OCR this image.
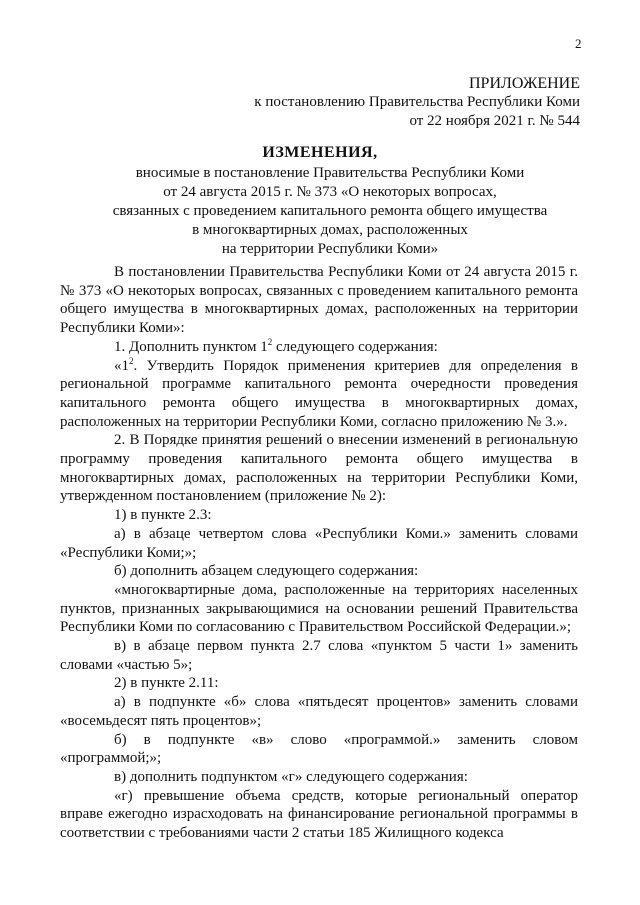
2
ПРИЛОЖЕНИЕ
к постановлению Правительства Республики Коми
от 22 ноября 2021 г. № 544
ИЗМЕНЕНИЯ,
вносимые в постановление Правительства Республики Коми
от 24 августа 2015 г. № 373 «О некоторых вопросах,
связанных с проведением капитального ремонта общего имущества
в многоквартирных домах, расположенных
на территории Республики Коми»

В постановлении Правительства Республики Коми от 24 августа 2015 г. № 373 «О некоторых вопросах, связанных с проведением капитального ремонта общего имущества в многоквартирных домах, расположенных на территории Республики Коми»:

1. Дополнить пунктом $1^2$ следующего содержания:

«$1^2$. Утвердить Порядок применения критериев для определения в региональной программе капитального ремонта очередности проведения капитального ремонта общего имущества в многоквартирных домах, расположенных на территории Республики Коми, согласно приложению № 3.».

2. В Порядке принятия решений о внесении изменений в региональную программу проведения капитального ремонта общего имущества в многоквартирных домах, расположенных на территории Республики Коми, утвержденном постановлением (приложение № 2):

1) в пункте 2.3:

а) в абзаце четвертом слова «Республики Коми.» заменить словами «Республики Коми;»;

б) дополнить абзацем следующего содержания:

«многоквартирные дома, расположенные на территориях населенных пунктов, признанных закрывающимися на основании решений Правительства Республики Коми по согласованию с Правительством Российской Федерации.»;

в) в абзаце первом пункта 2.7 слова «пунктом 5 части 1» заменить словами «частью 5»;

2) в пункте 2.11:

а) в подпункте «б» слова «пятьдесят процентов» заменить словами «восемьдесят пять процентов»;

б) в подпункте «в» слово «программой.» заменить словом «программой;»;

в) дополнить подпунктом «г» следующего содержания:

«г) превышение объема средств, которые региональный оператор вправе ежегодно израсходовать на финансирование региональной программы в соответствии с требованиями части 2 статьи 185 Жилищного кодекса
